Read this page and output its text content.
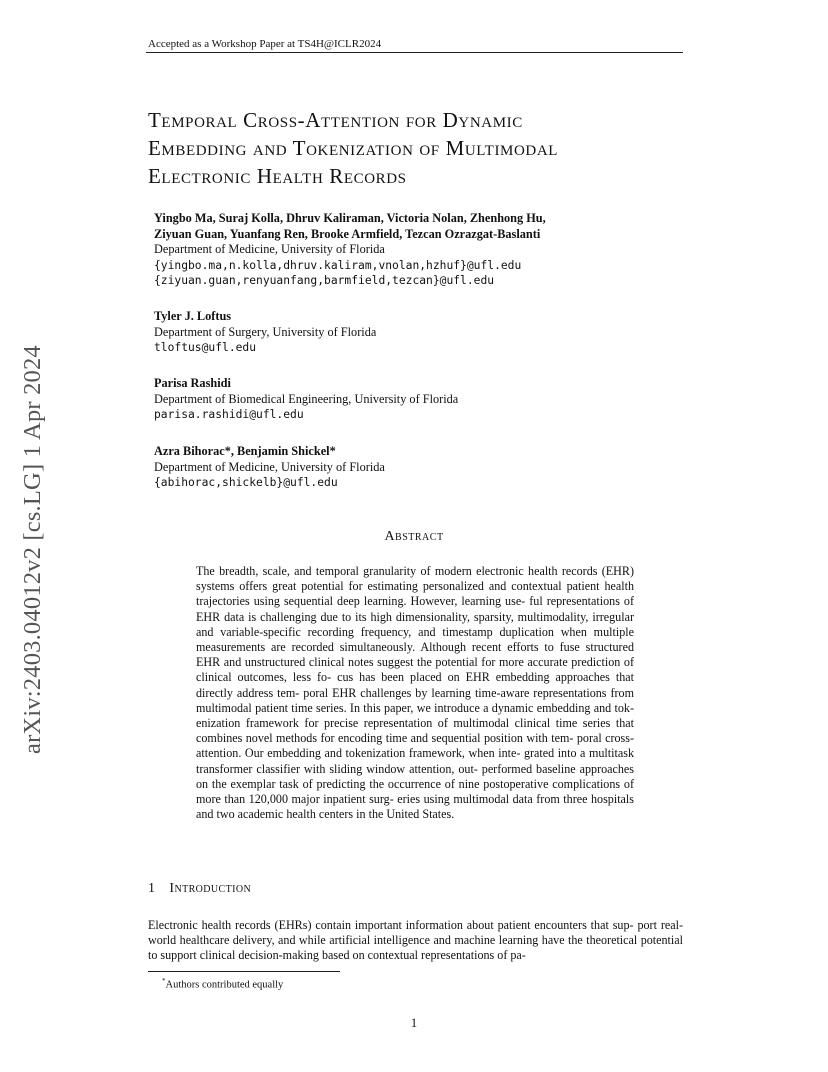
Accepted as a Workshop Paper at TS4H@ICLR2024
arXiv:2403.04012v2 [cs.LG] 1 Apr 2024
Temporal Cross-Attention for Dynamic
Embedding and Tokenization of Multimodal
Electronic Health Records
Yingbo Ma, Suraj Kolla, Dhruv Kaliraman, Victoria Nolan, Zhenhong Hu,
Ziyuan Guan, Yuanfang Ren, Brooke Armfield, Tezcan Ozrazgat-Baslanti
Department of Medicine, University of Florida
{yingbo.ma,n.kolla,dhruv.kaliram,vnolan,hzhuf}@ufl.edu
{ziyuan.guan,renyuanfang,barmfield,tezcan}@ufl.edu
Tyler J. Loftus
Department of Surgery, University of Florida
tloftus@ufl.edu
Parisa Rashidi
Department of Biomedical Engineering, University of Florida
parisa.rashidi@ufl.edu
Azra Bihorac*, Benjamin Shickel*
Department of Medicine, University of Florida
{abihorac,shickelb}@ufl.edu
Abstract
The breadth, scale, and temporal granularity of modern electronic health records (EHR) systems offers great potential for estimating personalized and contextual patient health trajectories using sequential deep learning. However, learning use- ful representations of EHR data is challenging due to its high dimensionality, sparsity, multimodality, irregular and variable-specific recording frequency, and timestamp duplication when multiple measurements are recorded simultaneously. Although recent efforts to fuse structured EHR and unstructured clinical notes suggest the potential for more accurate prediction of clinical outcomes, less fo- cus has been placed on EHR embedding approaches that directly address tem- poral EHR challenges by learning time-aware representations from multimodal patient time series. In this paper, we introduce a dynamic embedding and tok- enization framework for precise representation of multimodal clinical time series that combines novel methods for encoding time and sequential position with tem- poral cross-attention. Our embedding and tokenization framework, when inte- grated into a multitask transformer classifier with sliding window attention, out- performed baseline approaches on the exemplar task of predicting the occurrence of nine postoperative complications of more than 120,000 major inpatient surg- eries using multimodal data from three hospitals and two academic health centers in the United States.
1 Introduction
Electronic health records (EHRs) contain important information about patient encounters that sup- port real-world healthcare delivery, and while artificial intelligence and machine learning have the theoretical potential to support clinical decision-making based on contextual representations of pa-
*Authors contributed equally
1
